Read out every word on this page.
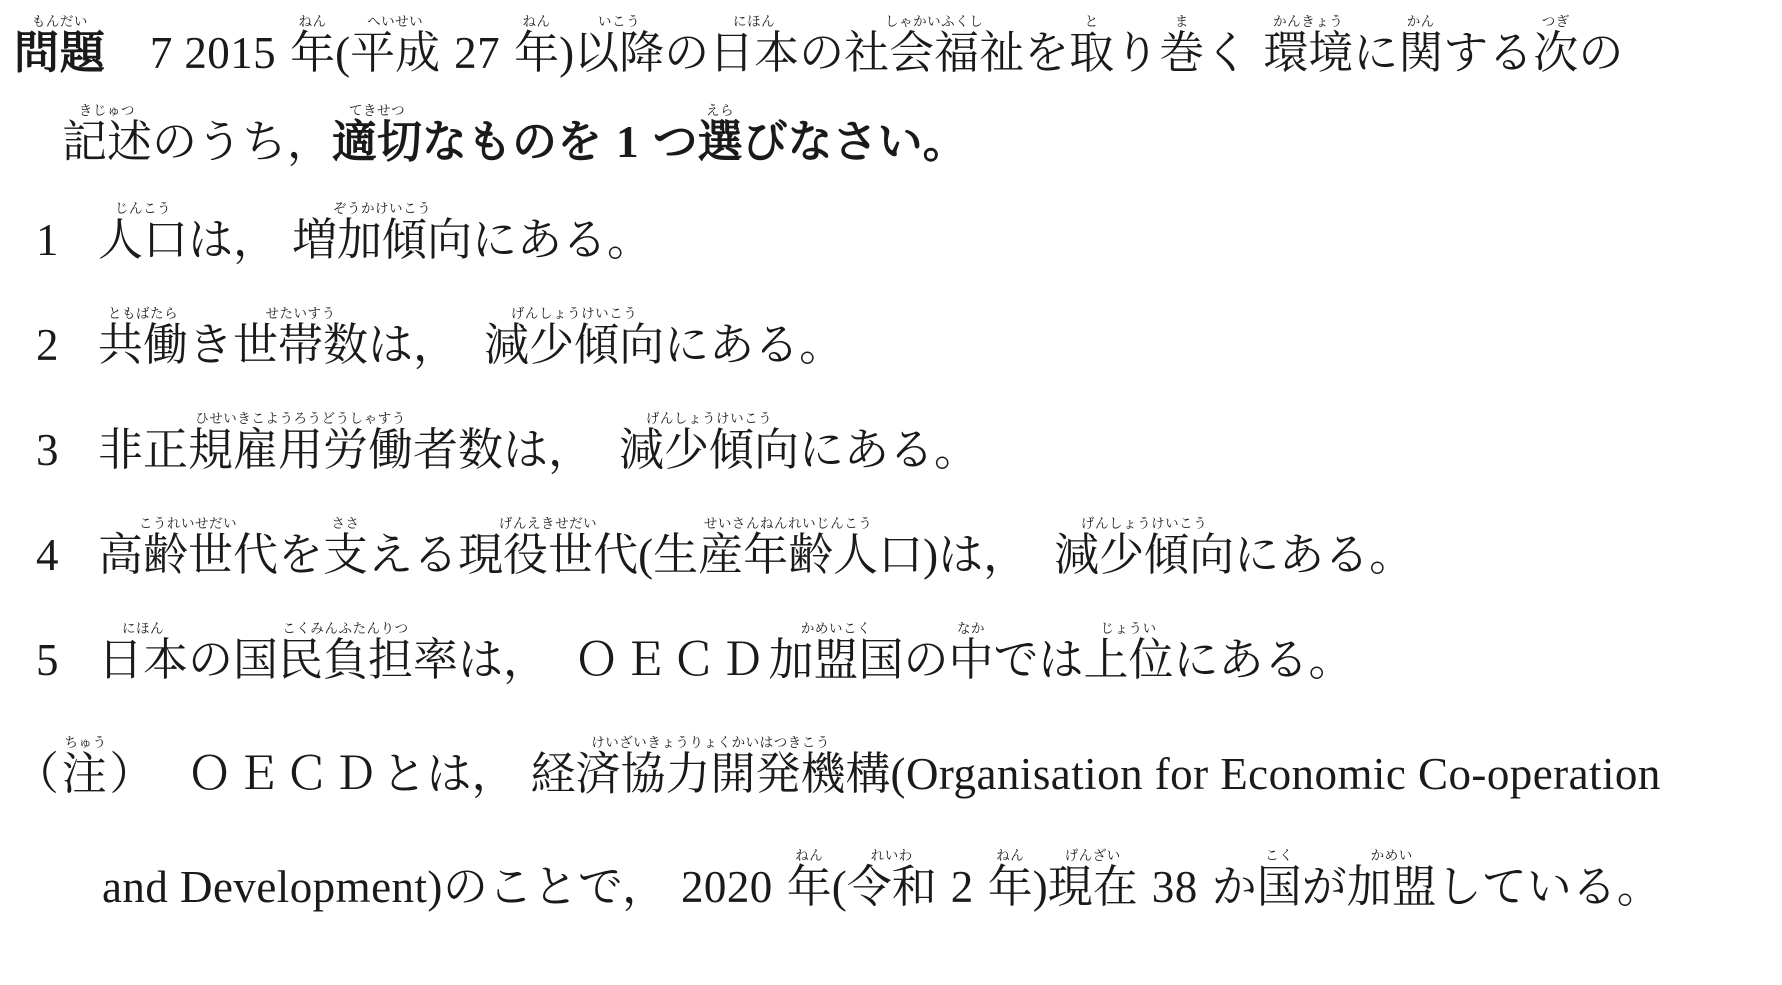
問題もんだい7 2015 年ねん(平成へいせい27 年ねん)以降いこうの日本にほんの社会福祉しゃかいふくしを取とり巻まく 環境かんきょうに関かんする次つぎの
記述きじゅつのうち，適切てきせつなものを 1 つ選えらびなさい。
1 人口じんこうは， 増加傾向ぞうかけいこうにある。
2 共働ともばたらき世帯数せたいすうは， 減少傾向げんしょうけいこうにある。
3 非正規雇用労働者数ひせいきこようろうどうしゃすうは， 減少傾向げんしょうけいこうにある。
4 高齢世代こうれいせだいを支ささえる現役世代げんえきせだい(生産年齢人口せいさんねんれいじんこう)は， 減少傾向げんしょうけいこうにある。
5 日本にほんの国民負担率こくみんふたんりつは， ＯＥＣＤ加盟国かめいこくの中なかでは上位じょういにある。
（注ちゅう） ＯＥＣＤとは， 経済協力開発機構けいざいきょうりょくかいはつきこう(Organisation for Economic Co-operation
and Development)のことで， 2020 年ねん(令和れいわ2 年ねん)現在げんざい38 か国こくが加盟かめいしている。
